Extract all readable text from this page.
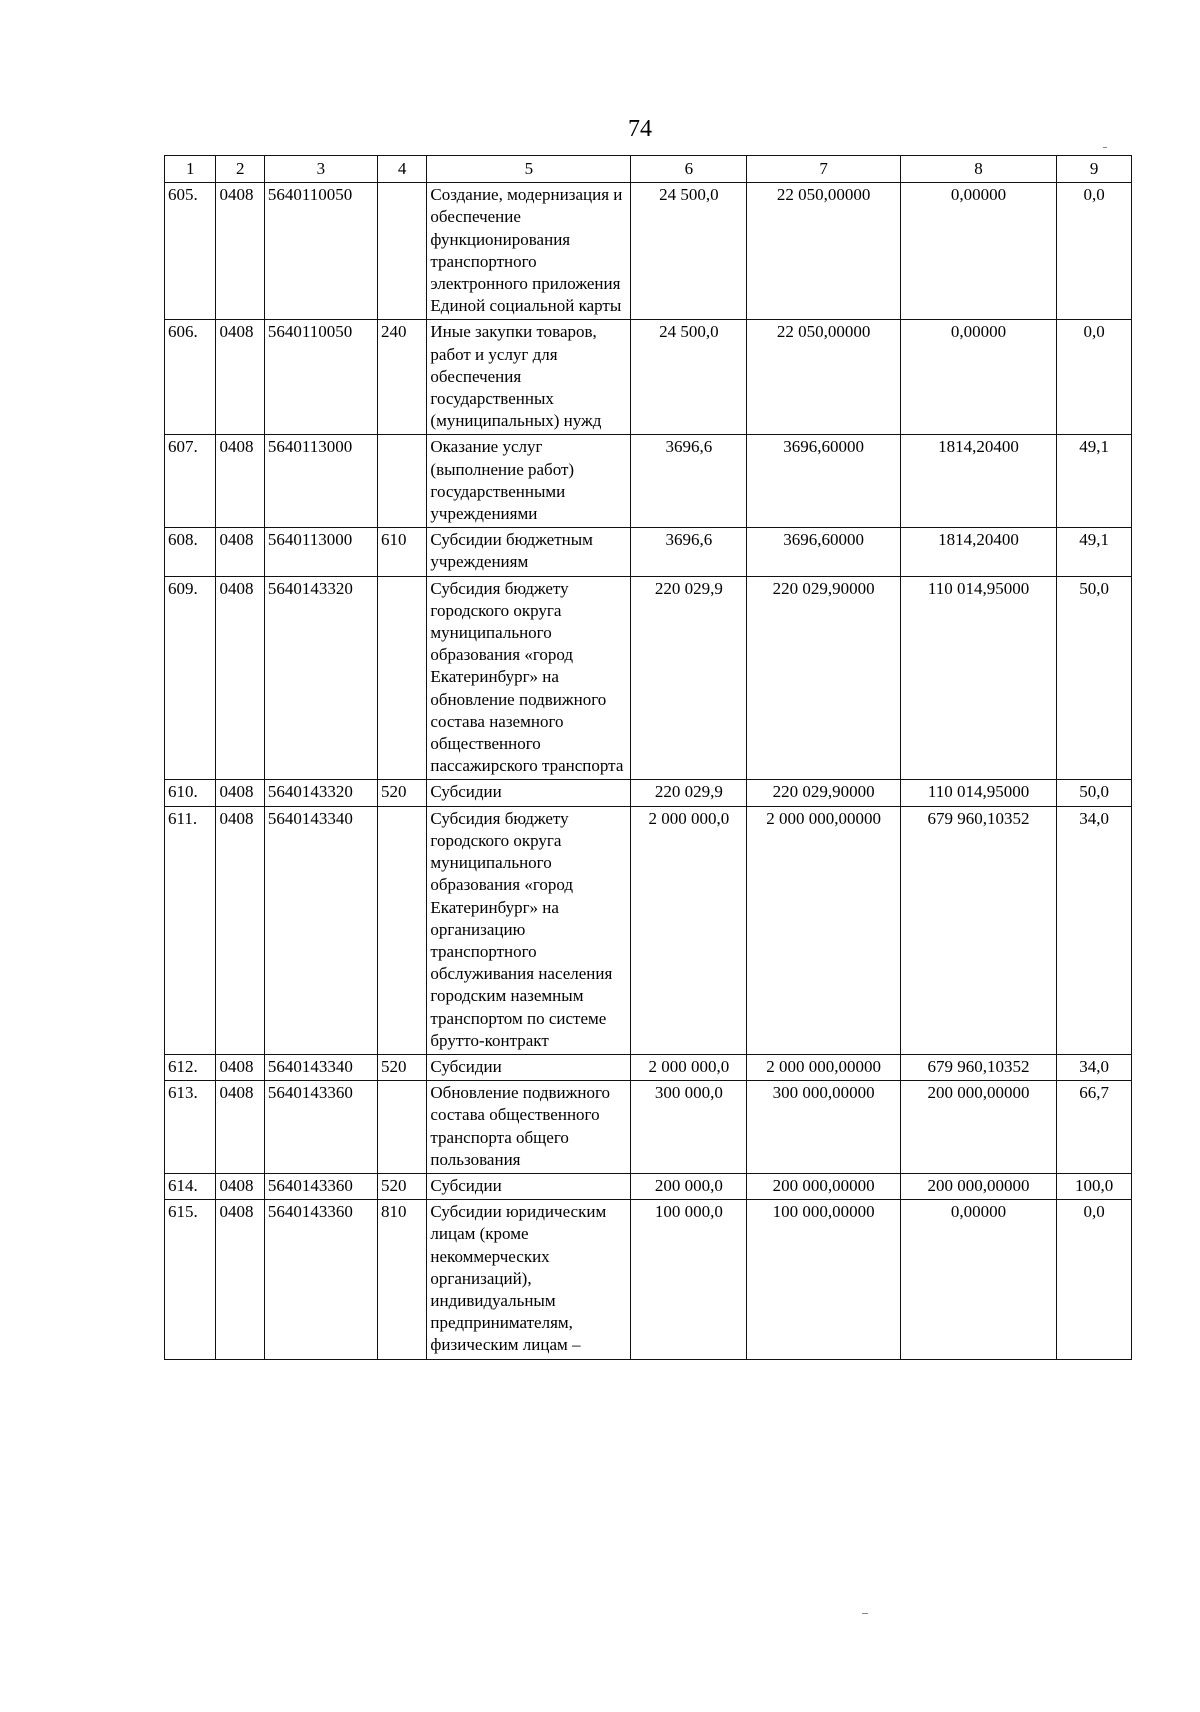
74
1	2	3	4	5	6	7	8	9
605.	0408	5640110050		Создание, модернизация и обеспечение функционирования транспортного электронного приложения Единой социальной карты	24 500,0	22 050,00000	0,00000	0,0
606.	0408	5640110050	240	Иные закупки товаров, работ и услуг для обеспечения государственных (муниципальных) нужд	24 500,0	22 050,00000	0,00000	0,0
607.	0408	5640113000		Оказание услуг (выполнение работ) государственными учреждениями	3696,6	3696,60000	1814,20400	49,1
608.	0408	5640113000	610	Субсидии бюджетным учреждениям	3696,6	3696,60000	1814,20400	49,1
609.	0408	5640143320		Субсидия бюджету городского округа муниципального образования «город Екатеринбург» на обновление подвижного состава наземного общественного пассажирского транспорта	220 029,9	220 029,90000	110 014,95000	50,0
610.	0408	5640143320	520	Субсидии	220 029,9	220 029,90000	110 014,95000	50,0
611.	0408	5640143340		Субсидия бюджету городского округа муниципального образования «город Екатеринбург» на организацию транспортного обслуживания населения городским наземным транспортом по системе брутто-контракт	2 000 000,0	2 000 000,00000	679 960,10352	34,0
612.	0408	5640143340	520	Субсидии	2 000 000,0	2 000 000,00000	679 960,10352	34,0
613.	0408	5640143360		Обновление подвижного состава общественного транспорта общего пользования	300 000,0	300 000,00000	200 000,00000	66,7
614.	0408	5640143360	520	Субсидии	200 000,0	200 000,00000	200 000,00000	100,0
615.	0408	5640143360	810	Субсидии юридическим лицам (кроме некоммерческих организаций), индивидуальным предпринимателям, физическим лицам –	100 000,0	100 000,00000	0,00000	0,0
